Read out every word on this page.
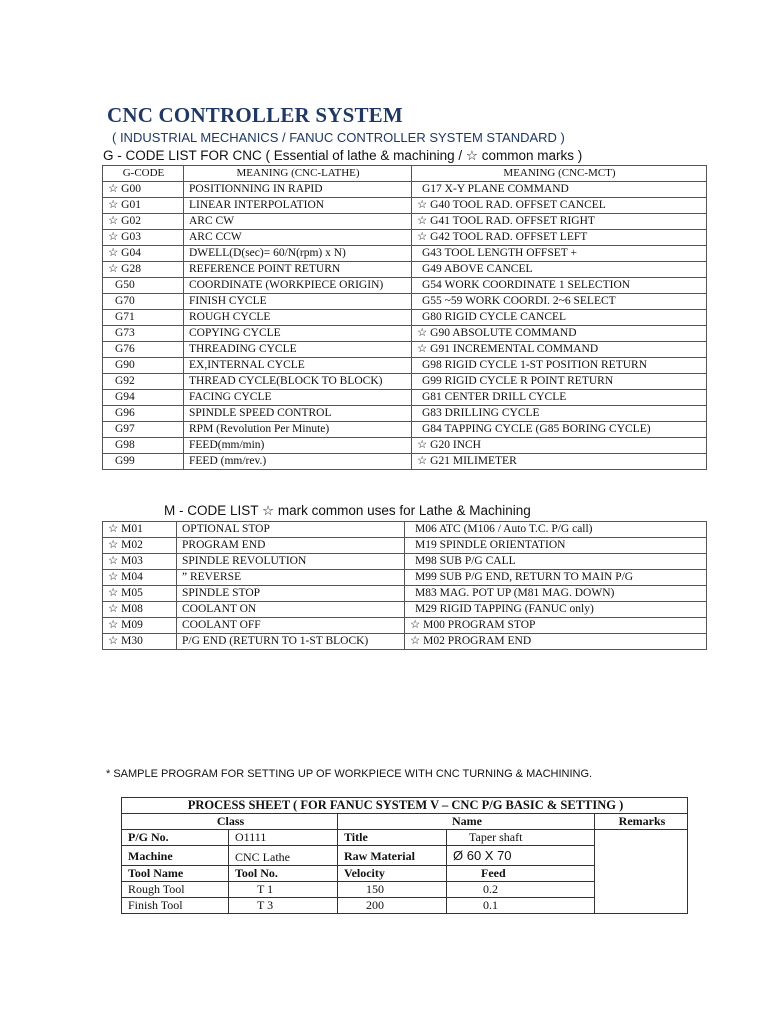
CNC CONTROLLER SYSTEM
( INDUSTRIAL MECHANICS / FANUC CONTROLLER SYSTEM STANDARD )
G - CODE LIST FOR CNC ( Essential of lathe & machining / ☆ common marks )
G-CODE	MEANING (CNC-LATHE)	MEANING (CNC-MCT)
☆ G00	POSITIONNING IN RAPID	G17 X-Y PLANE COMMAND
☆ G01	LINEAR INTERPOLATION	☆ G40 TOOL RAD. OFFSET CANCEL
☆ G02	ARC CW	☆ G41 TOOL RAD. OFFSET RIGHT
☆ G03	ARC CCW	☆ G42 TOOL RAD. OFFSET LEFT
☆ G04	DWELL(D(sec)= 60/N(rpm) x N)	G43 TOOL LENGTH OFFSET +
☆ G28	REFERENCE POINT RETURN	G49 ABOVE CANCEL
G50	COORDINATE (WORKPIECE ORIGIN)	G54 WORK COORDINATE 1 SELECTION
G70	FINISH CYCLE	G55 ~59 WORK COORDI. 2~6 SELECT
G71	ROUGH CYCLE	G80 RIGID CYCLE CANCEL
G73	COPYING CYCLE	☆ G90 ABSOLUTE COMMAND
G76	THREADING CYCLE	☆ G91 INCREMENTAL COMMAND
G90	EX,INTERNAL CYCLE	G98 RIGID CYCLE 1-ST POSITION RETURN
G92	THREAD CYCLE(BLOCK TO BLOCK)	G99 RIGID CYCLE R POINT RETURN
G94	FACING CYCLE	G81 CENTER DRILL CYCLE
G96	SPINDLE SPEED CONTROL	G83 DRILLING CYCLE
G97	RPM (Revolution Per Minute)	G84 TAPPING CYCLE (G85 BORING CYCLE)
G98	FEED(mm/min)	☆ G20 INCH
G99	FEED (mm/rev.)	☆ G21 MILIMETER
M - CODE LIST ☆ mark common uses for Lathe & Machining
☆ M01	OPTIONAL STOP	M06 ATC (M106 / Auto T.C. P/G call)
☆ M02	PROGRAM END	M19 SPINDLE ORIENTATION
☆ M03	SPINDLE REVOLUTION	M98 SUB P/G CALL
☆ M04	” REVERSE	M99 SUB P/G END, RETURN TO MAIN P/G
☆ M05	SPINDLE STOP	M83 MAG. POT UP (M81 MAG. DOWN)
☆ M08	COOLANT ON	M29 RIGID TAPPING (FANUC only)
☆ M09	COOLANT OFF	☆ M00 PROGRAM STOP
☆ M30	P/G END (RETURN TO 1-ST BLOCK)	☆ M02 PROGRAM END
* SAMPLE PROGRAM FOR SETTING UP OF WORKPIECE WITH CNC TURNING & MACHINING.
PROCESS SHEET ( FOR FANUC SYSTEM V – CNC P/G BASIC & SETTING )				
Class		Name		Remarks
P/G No.	O1111	Title	Taper shaft	
Machine	CNC Lathe	Raw Material	Ø 60 X 70	
Tool Name	Tool No.	Velocity	Feed	
Rough Tool	T 1	150	0.2	
Finish Tool	T 3	200	0.1	
